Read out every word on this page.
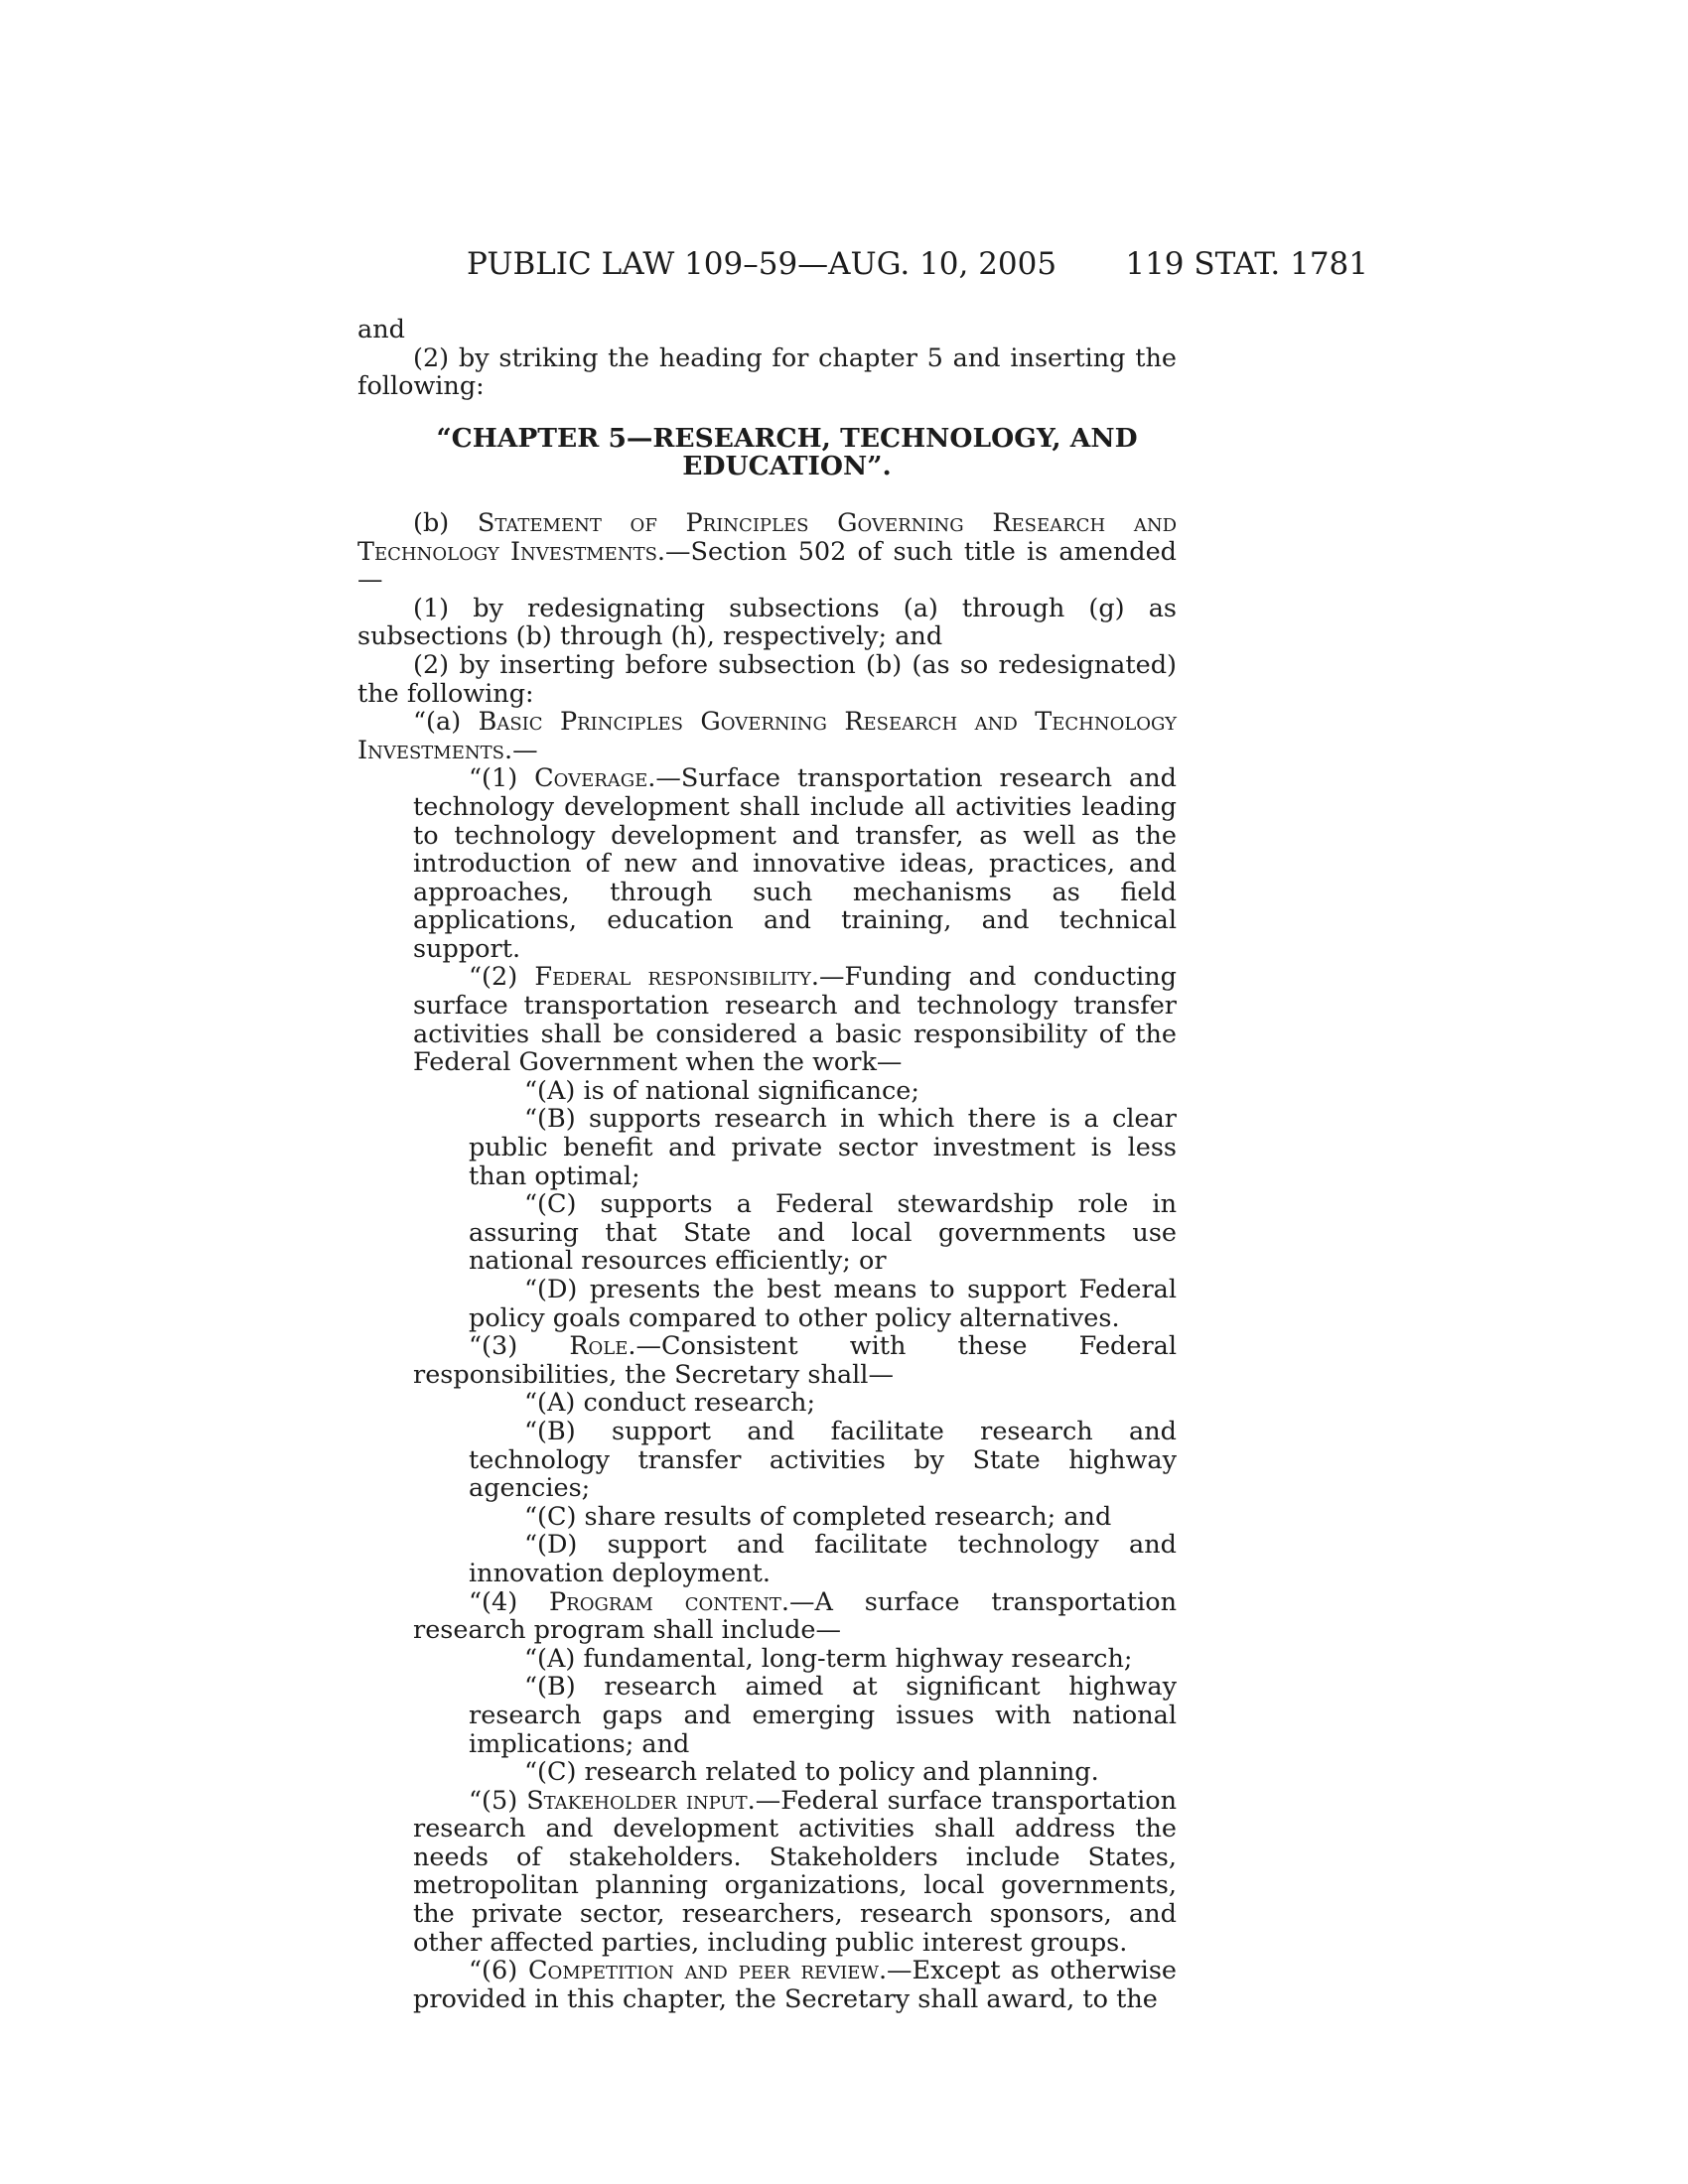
PUBLIC LAW 109–59—AUG. 10, 2005 119 STAT. 1781

and

(2) by striking the heading for chapter 5 and inserting the following:

“CHAPTER 5—RESEARCH, TECHNOLOGY, AND
EDUCATION”.

(b) Statement of Principles Governing Research and Technology Investments.—Section 502 of such title is amended—

(1) by redesignating subsections (a) through (g) as subsections (b) through (h), respectively; and

(2) by inserting before subsection (b) (as so redesignated) the following:

“(a) Basic Principles Governing Research and Technology Investments.—

“(1) Coverage.—Surface transportation research and technology development shall include all activities leading to technology development and transfer, as well as the introduction of new and innovative ideas, practices, and approaches, through such mechanisms as field applications, education and training, and technical support.

“(2) Federal responsibility.—Funding and conducting surface transportation research and technology transfer activities shall be considered a basic responsibility of the Federal Government when the work—

“(A) is of national significance;

“(B) supports research in which there is a clear public benefit and private sector investment is less than optimal;

“(C) supports a Federal stewardship role in assuring that State and local governments use national resources efficiently; or

“(D) presents the best means to support Federal policy goals compared to other policy alternatives.

“(3) Role.—Consistent with these Federal responsibilities, the Secretary shall—

“(A) conduct research;

“(B) support and facilitate research and technology transfer activities by State highway agencies;

“(C) share results of completed research; and

“(D) support and facilitate technology and innovation deployment.

“(4) Program content.—A surface transportation research program shall include—

“(A) fundamental, long-term highway research;

“(B) research aimed at significant highway research gaps and emerging issues with national implications; and

“(C) research related to policy and planning.

“(5) Stakeholder input.—Federal surface transportation research and development activities shall address the needs of stakeholders. Stakeholders include States, metropolitan planning organizations, local governments, the private sector, researchers, research sponsors, and other affected parties, including public interest groups.

“(6) Competition and peer review.—Except as otherwise provided in this chapter, the Secretary shall award, to the
